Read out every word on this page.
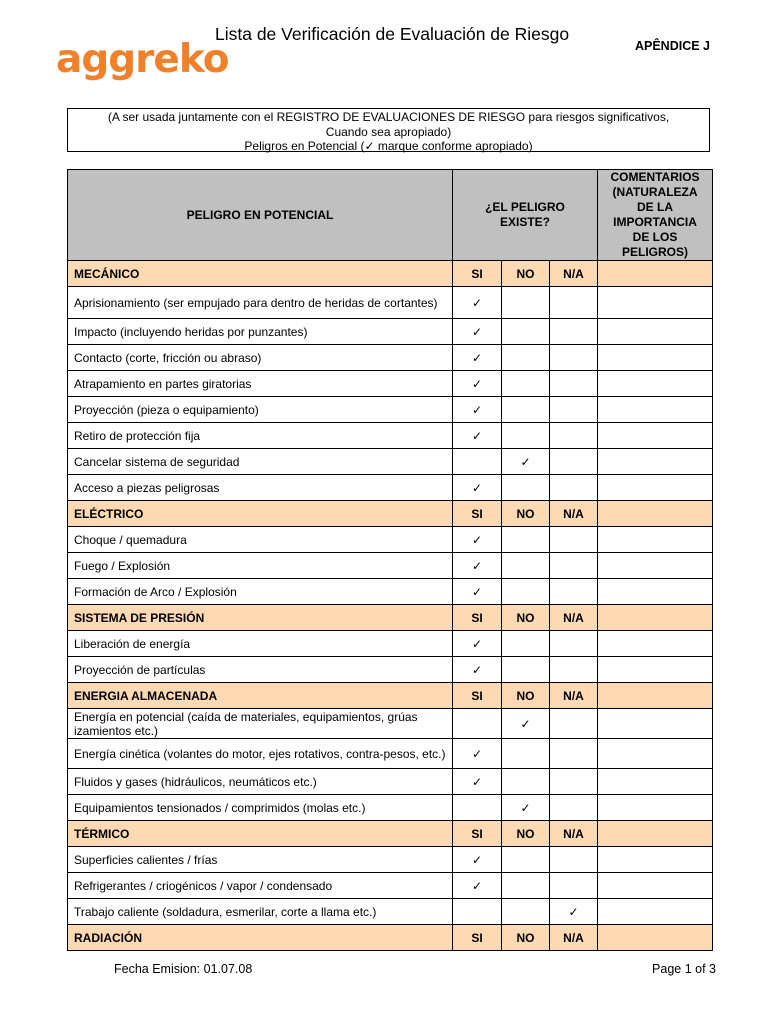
aggreko
Lista de Verificación de Evaluación de Riesgo
APÊNDICE J
(A ser usada juntamente con el REGISTRO DE EVALUACIONES DE RIESGO para riesgos significativos,
Cuando sea apropiado)
Peligros en Potencial (✓ marque conforme apropiado)
PELIGRO EN POTENCIAL	¿EL PELIGRO EXISTE?			COMENTARIOS (NATURALEZA DE LA IMPORTANCIA DE LOS PELIGROS)

MECÁNICO	SI	NO	N/A	
Aprisionamiento (ser empujado para dentro de heridas de cortantes)	✓			
Impacto (incluyendo heridas por punzantes)	✓			
Contacto (corte, fricción ou abraso)	✓			
Atrapamiento en partes giratorias	✓			
Proyección (pieza o equipamiento)	✓			
Retiro de protección fija	✓			
Cancelar sistema de seguridad		✓		
Acceso a piezas peligrosas	✓			
ELÉCTRICO	SI	NO	N/A	
Choque / quemadura	✓			
Fuego / Explosión	✓			
Formación de Arco / Explosión	✓			
SISTEMA DE PRESIÓN	SI	NO	N/A	
Liberación de energía	✓			
Proyección de partículas	✓			
ENERGIA ALMACENADA	SI	NO	N/A	
Energía en potencial (caída de materiales, equipamientos, grúas izamientos etc.)		✓		
Energía cinética (volantes do motor, ejes rotativos, contra-pesos, etc.)	✓			
Fluidos y gases (hidráulicos, neumáticos etc.)	✓			
Equipamientos tensionados / comprimidos (molas etc.)		✓		
TÉRMICO	SI	NO	N/A	
Superficies calientes / frías	✓			
Refrigerantes / criogénicos / vapor / condensado	✓			
Trabajo caliente (soldadura, esmerilar, corte a llama etc.)			✓	
RADIACIÓN	SI	NO	N/A	
Fecha Emision: 01.07.08	Page 1 of 3
